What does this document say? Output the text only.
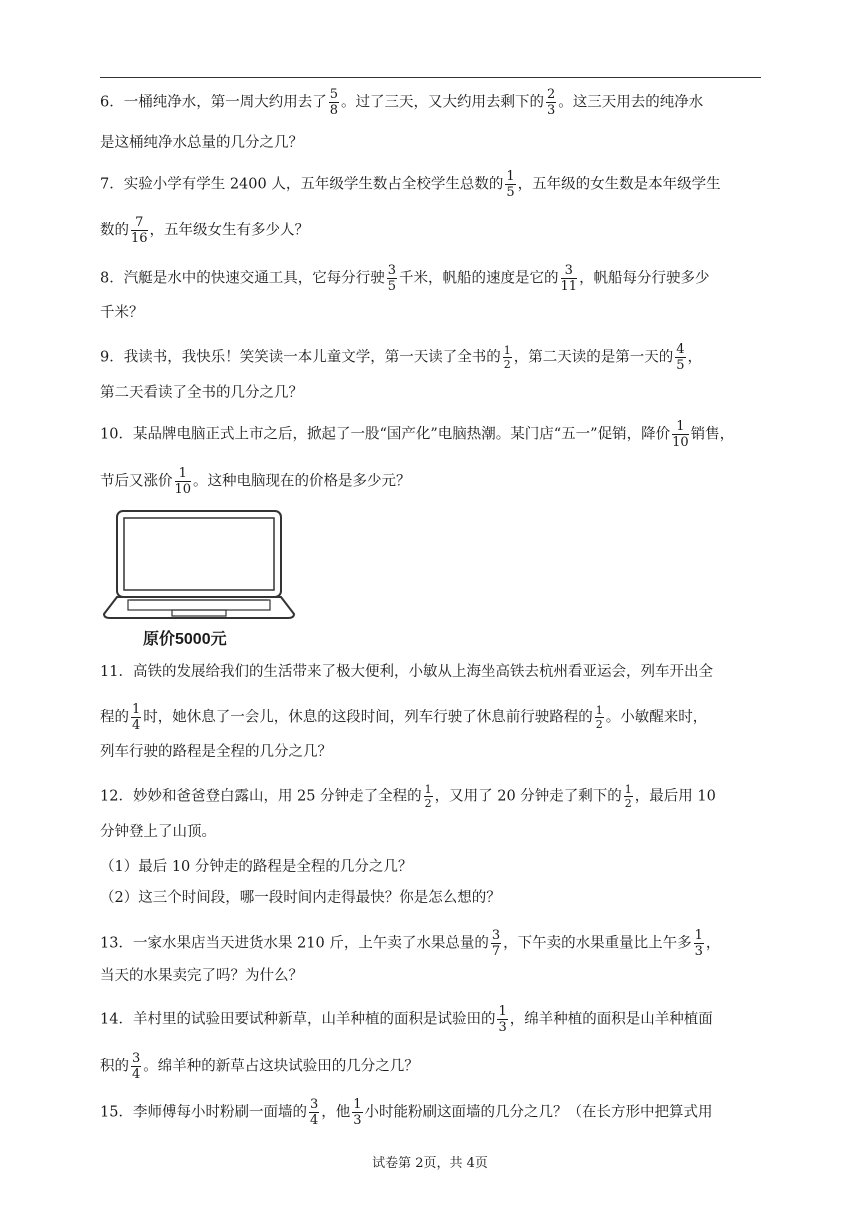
6．一桶纯净水，第一周大约用去了 $\frac{5}{8}$ 。过了三天，又大约用去剩下的 $\frac{2}{3}$ 。这三天用去的纯净水
是这桶纯净水总量的几分之几？
7．实验小学有学生 2400 人，五年级学生数占全校学生总数的 $\frac{1}{5}$ ，五年级的女生数是本年级学生
数的 $\frac{7}{16}$ ，五年级女生有多少人？
8．汽艇是水中的快速交通工具，它每分行驶 $\frac{3}{5}$ 千米，帆船的速度是它的 $\frac{3}{11}$ ，帆船每分行驶多少
千米？
9．我读书，我快乐！笑笑读一本儿童文学，第一天读了全书的 $\frac{1}{2}$ ，第二天读的是第一天的 $\frac{4}{5}$ ，
第二天看读了全书的几分之几？
10．某品牌电脑正式上市之后，掀起了一股“国产化”电脑热潮。某门店“五一”促销，降价 $\frac{1}{10}$ 销售，
节后又涨价 $\frac{1}{10}$ 。这种电脑现在的价格是多少元？
原价5000元
11．高铁的发展给我们的生活带来了极大便利，小敏从上海坐高铁去杭州看亚运会，列车开出全
程的 $\frac{1}{4}$ 时，她休息了一会儿，休息的这段时间，列车行驶了休息前行驶路程的 $\frac{1}{2}$ 。小敏醒来时，
列车行驶的路程是全程的几分之几？
12．妙妙和爸爸登白露山，用 25 分钟走了全程的 $\frac{1}{2}$ ，又用了 20 分钟走了剩下的 $\frac{1}{2}$ ，最后用 10
分钟登上了山顶。
（1）最后 10 分钟走的路程是全程的几分之几？
（2）这三个时间段，哪一段时间内走得最快？你是怎么想的？
13．一家水果店当天进货水果 210 斤，上午卖了水果总量的 $\frac{3}{7}$ ，下午卖的水果重量比上午多 $\frac{1}{3}$ ，
当天的水果卖完了吗？为什么？
14．羊村里的试验田要试种新草，山羊种植的面积是试验田的 $\frac{1}{3}$ ，绵羊种植的面积是山羊种植面
积的 $\frac{3}{4}$ 。绵羊种的新草占这块试验田的几分之几？
15．李师傅每小时粉刷一面墙的 $\frac{3}{4}$ ，他 $\frac{1}{3}$ 小时能粉刷这面墙的几分之几？（在长方形中把算式用
试卷第 2页，共 4页
